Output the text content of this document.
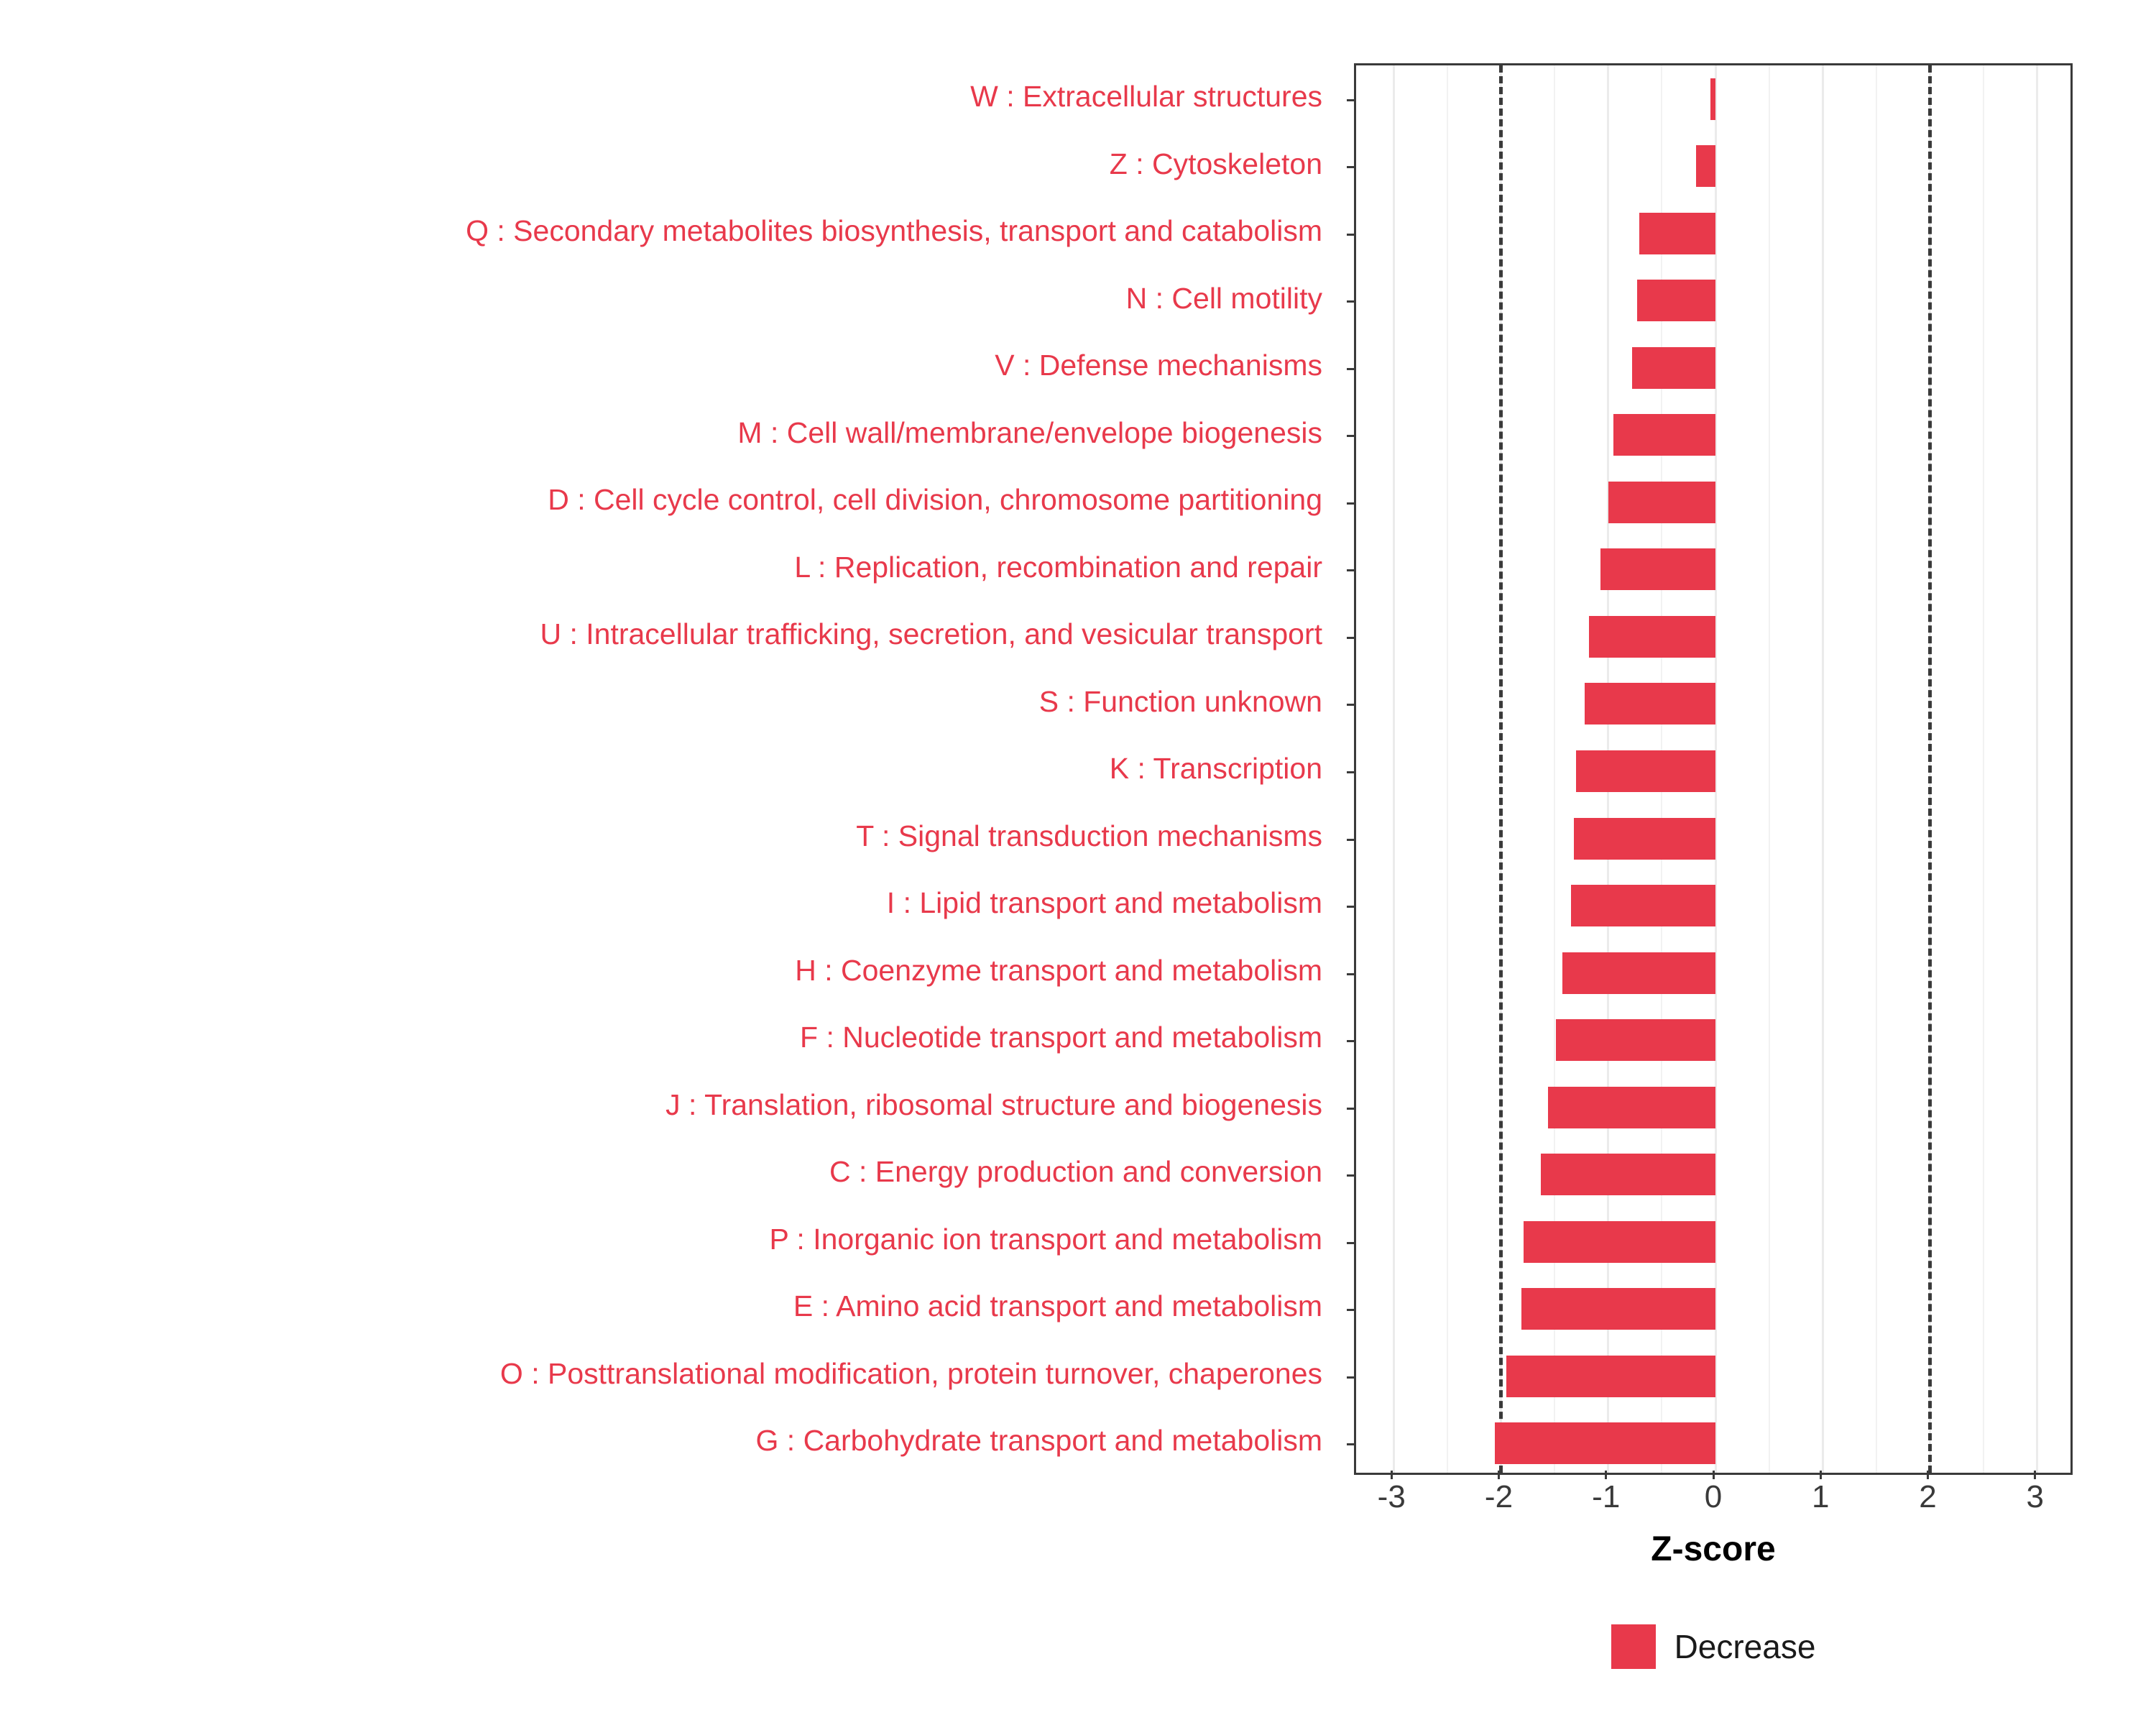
W : Extracellular structures
Z : Cytoskeleton
Q : Secondary metabolites biosynthesis, transport and catabolism
N : Cell motility
V : Defense mechanisms
M : Cell wall/membrane/envelope biogenesis
D : Cell cycle control, cell division, chromosome partitioning
L : Replication, recombination and repair
U : Intracellular trafficking, secretion, and vesicular transport
S : Function unknown
K : Transcription
T : Signal transduction mechanisms
I : Lipid transport and metabolism
H : Coenzyme transport and metabolism
F : Nucleotide transport and metabolism
J : Translation, ribosomal structure and biogenesis
C : Energy production and conversion
P : Inorganic ion transport and metabolism
E : Amino acid transport and metabolism
O : Posttranslational modification, protein turnover, chaperones
G : Carbohydrate transport and metabolism
-3	-2	-1	0	1	2	3
Z-score
Decrease
